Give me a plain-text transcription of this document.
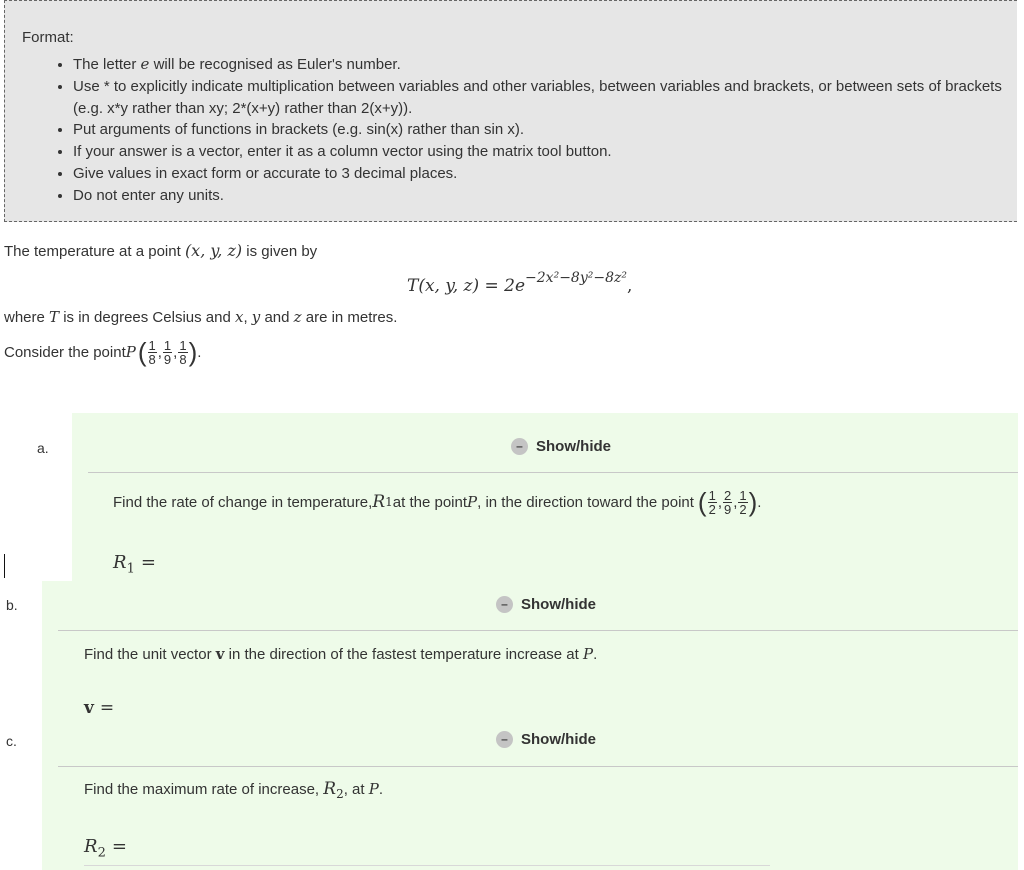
Format:
• The letter e will be recognised as Euler's number.
• Use * to explicitly indicate multiplication between variables and other variables, between variables and brackets, or between sets of brackets (e.g. x*y rather than xy; 2*(x+y) rather than 2(x+y)).
• Put arguments of functions in brackets (e.g. sin(x) rather than sin x).
• If your answer is a vector, enter it as a column vector using the matrix tool button.
• Give values in exact form or accurate to 3 decimal places.
• Do not enter any units.
The temperature at a point (x, y, z) is given by
T(x, y, $z) = 2e^{-2x^2-8y^2-8z^2}$,
where T is in degrees Celsius and x, y and z are in metres.
Consider the point P ( $\frac{1}{8}$ , $\frac{1}{9}$ , $\frac{1}{8}$ ) .
a.	– Show/hide
Find the rate of change in temperature, R 1 at the point P , in the direction toward the point ( $\frac{1}{2}$ , $\frac{2}{9}$ , $\frac{1}{2}$ ) .
$R_1$ =
b.	– Show/hide
Find the unit vector v in the direction of the fastest temperature increase at P.
v =
c.	– Show/hide
Find the maximum rate of increase, $R_2$, at P.
$R_2$ =
